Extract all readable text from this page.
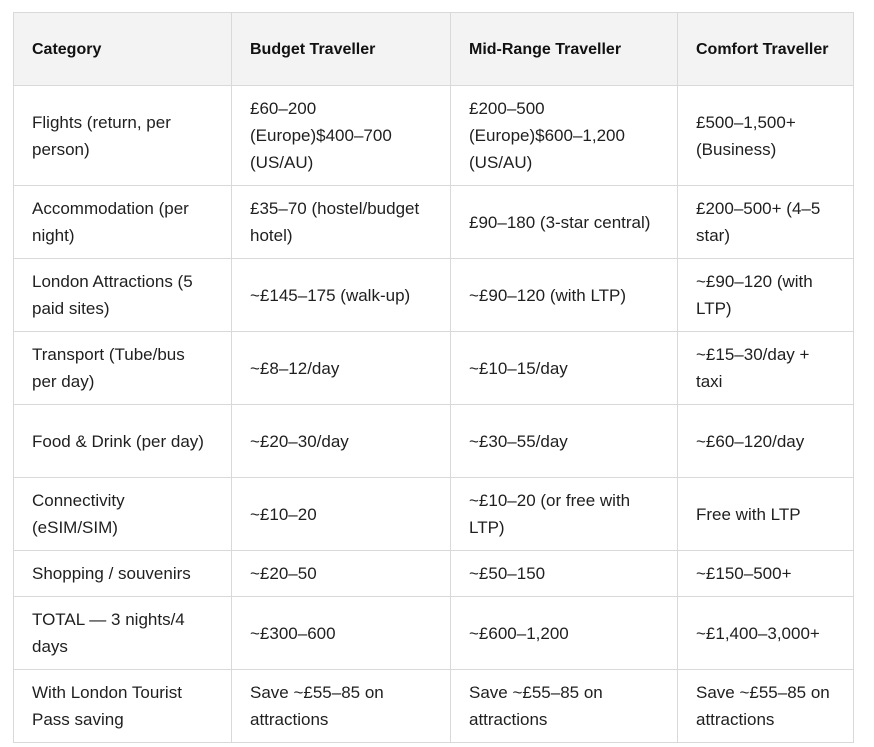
Category	Budget Traveller	Mid-Range Traveller	Comfort Traveller
Flights (return, per person)	£60–200 (Europe)$400–700 (US/AU)	£200–500 (Europe)$600–1,200 (US/AU)	£500–1,500+ (Business)
Accommodation (per night)	£35–70 (hostel/budget hotel)	£90–180 (3-star central)	£200–500+ (4–5 star)
London Attractions (5 paid sites)	~£145–175 (walk-up)	~£90–120 (with LTP)	~£90–120 (with LTP)
Transport (Tube/bus per day)	~£8–12/day	~£10–15/day	~£15–30/day + taxi
Food & Drink (per day)	~£20–30/day	~£30–55/day	~£60–120/day
Connectivity (eSIM/SIM)	~£10–20	~£10–20 (or free with LTP)	Free with LTP
Shopping / souvenirs	~£20–50	~£50–150	~£150–500+
TOTAL — 3 nights/4 days	~£300–600	~£600–1,200	~£1,400–3,000+
With London Tourist Pass saving	Save ~£55–85 on attractions	Save ~£55–85 on attractions	Save ~£55–85 on attractions
